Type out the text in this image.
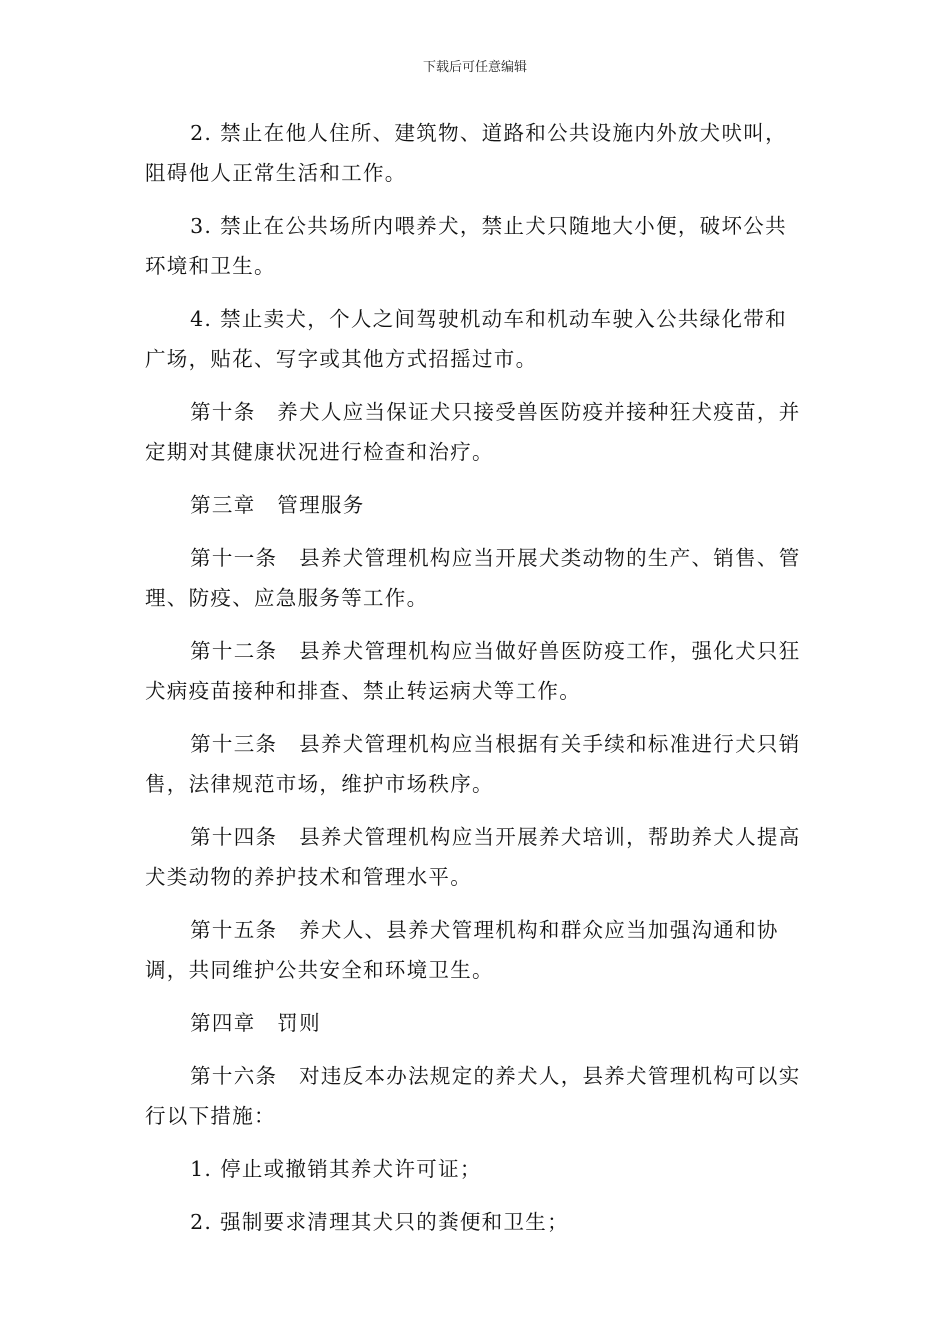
下载后可任意编辑

2. 禁止在他人住所、建筑物、道路和公共设施内外放犬吠叫，阻碍他人正常生活和工作。

3. 禁止在公共场所内喂养犬，禁止犬只随地大小便，破坏公共环境和卫生。

4. 禁止卖犬，个人之间驾驶机动车和机动车驶入公共绿化带和广场，贴花、写字或其他方式招摇过市。

第十条　养犬人应当保证犬只接受兽医防疫并接种狂犬疫苗，并定期对其健康状况进行检查和治疗。

第三章　管理服务

第十一条　县养犬管理机构应当开展犬类动物的生产、销售、管理、防疫、应急服务等工作。

第十二条　县养犬管理机构应当做好兽医防疫工作，强化犬只狂犬病疫苗接种和排查、禁止转运病犬等工作。

第十三条　县养犬管理机构应当根据有关手续和标准进行犬只销售，法律规范市场，维护市场秩序。

第十四条　县养犬管理机构应当开展养犬培训，帮助养犬人提高犬类动物的养护技术和管理水平。

第十五条　养犬人、县养犬管理机构和群众应当加强沟通和协调，共同维护公共安全和环境卫生。

第四章　罚则

第十六条　对违反本办法规定的养犬人，县养犬管理机构可以实行以下措施：

1. 停止或撤销其养犬许可证；

2. 强制要求清理其犬只的粪便和卫生；
